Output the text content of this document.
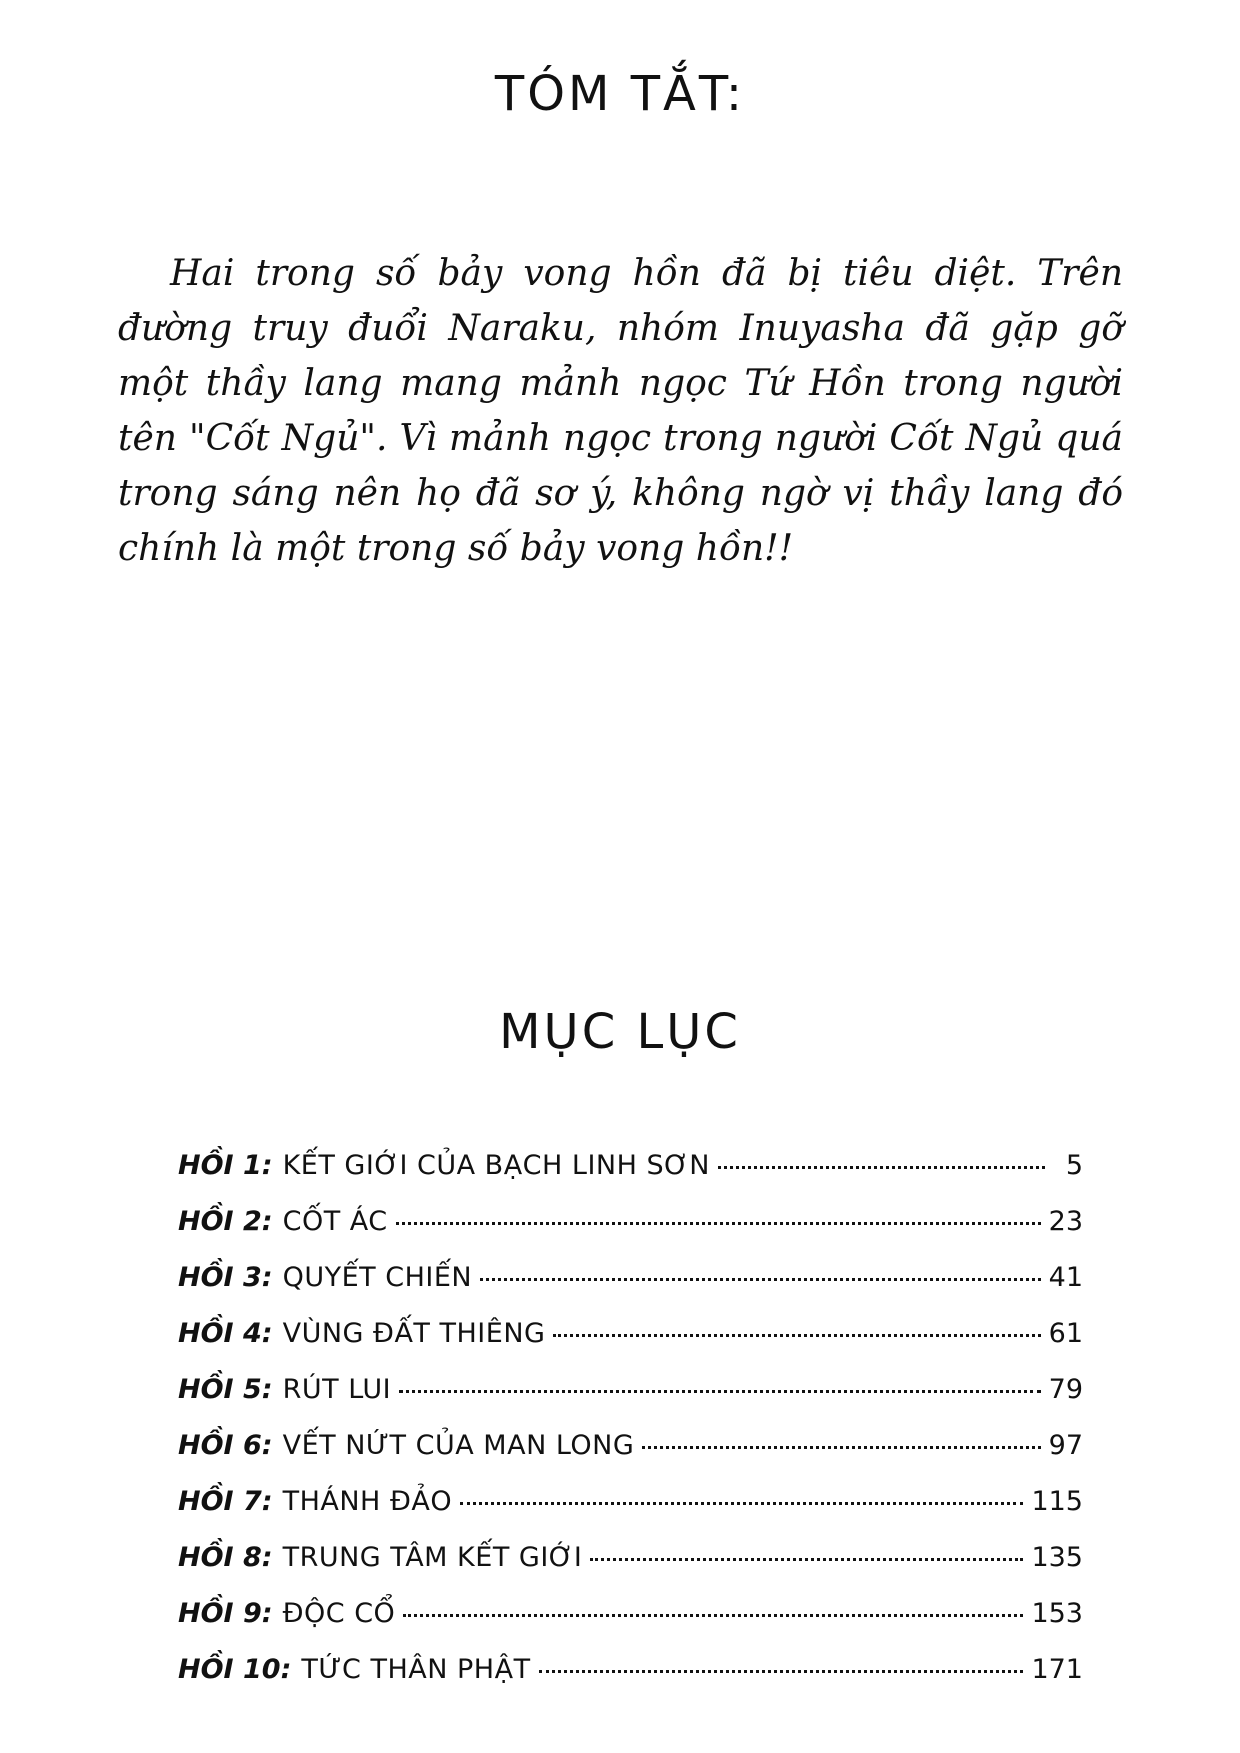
TÓM TẮT:

Hai trong số bảy vong hồn đã bị tiêu diệt. Trên đường truy đuổi Naraku, nhóm Inuyasha đã gặp gỡ một thầy lang mang mảnh ngọc Tứ Hồn trong người tên "Cốt Ngủ". Vì mảnh ngọc trong người Cốt Ngủ quá trong sáng nên họ đã sơ ý, không ngờ vị thầy lang đó chính là một trong số bảy vong hồn!!

MỤC LỤC
HỒI 1: KẾT GIỚI CỦA BẠCH LINH SƠN	5
HỒI 2: CỐT ÁC	23
HỒI 3: QUYẾT CHIẾN	41
HỒI 4: VÙNG ĐẤT THIÊNG	61
HỒI 5: RÚT LUI	79
HỒI 6: VẾT NỨT CỦA MAN LONG	97
HỒI 7: THÁNH ĐẢO	115
HỒI 8: TRUNG TÂM KẾT GIỚI	135
HỒI 9: ĐỘC CỔ	153
HỒI 10: TỨC THÂN PHẬT	171
